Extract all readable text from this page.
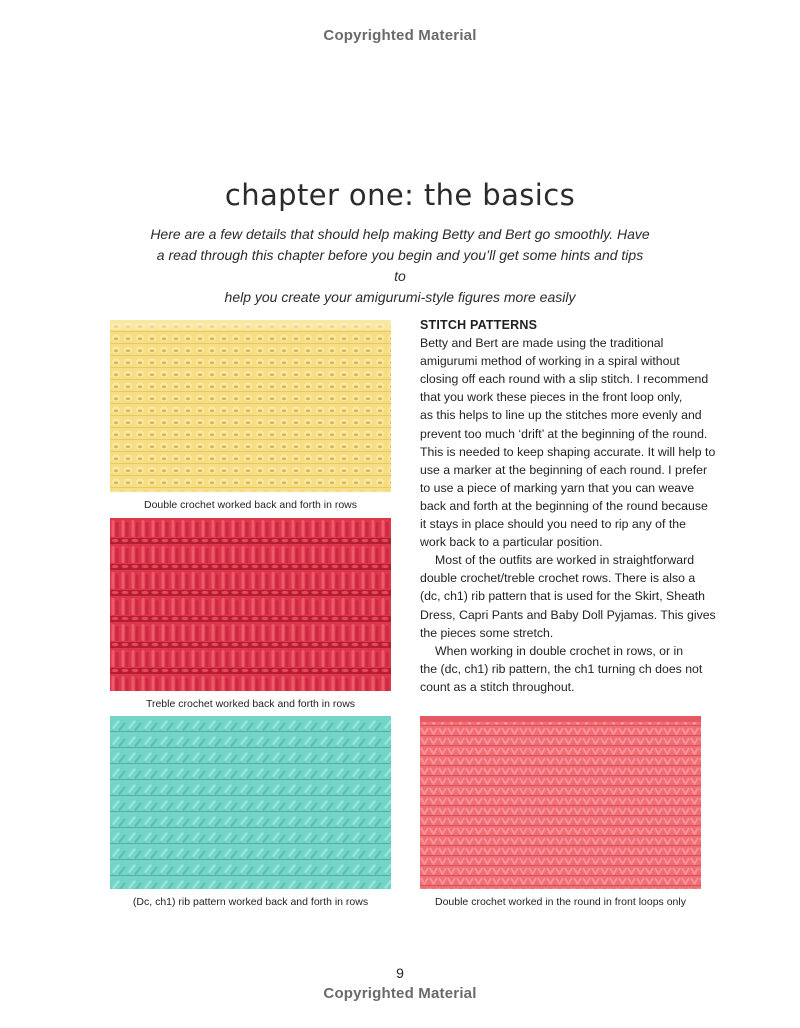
Copyrighted Material
chapter one: the basics
Here are a few details that should help making Betty and Bert go smoothly. Have
a read through this chapter before you begin and you’ll get some hints and tips to
help you create your amigurumi-style figures more easily
Double crochet worked back and forth in rows
Treble crochet worked back and forth in rows
(Dc, ch1) rib pattern worked back and forth in rows	Double crochet worked in the round in front loops only
STITCH PATTERNS
Betty and Bert are made using the traditional
amigurumi method of working in a spiral without
closing off each round with a slip stitch. I recommend
that you work these pieces in the front loop only,
as this helps to line up the stitches more evenly and
prevent too much ‘drift’ at the beginning of the round.
This is needed to keep shaping accurate. It will help to
use a marker at the beginning of each round. I prefer
to use a piece of marking yarn that you can weave
back and forth at the beginning of the round because
it stays in place should you need to rip any of the
work back to a particular position.
Most of the outfits are worked in straightforward
double crochet/treble crochet rows. There is also a
(dc, ch1) rib pattern that is used for the Skirt, Sheath
Dress, Capri Pants and Baby Doll Pyjamas. This gives
the pieces some stretch.
When working in double crochet in rows, or in
the (dc, ch1) rib pattern, the ch1 turning ch does not
count as a stitch throughout.
9
Copyrighted Material
